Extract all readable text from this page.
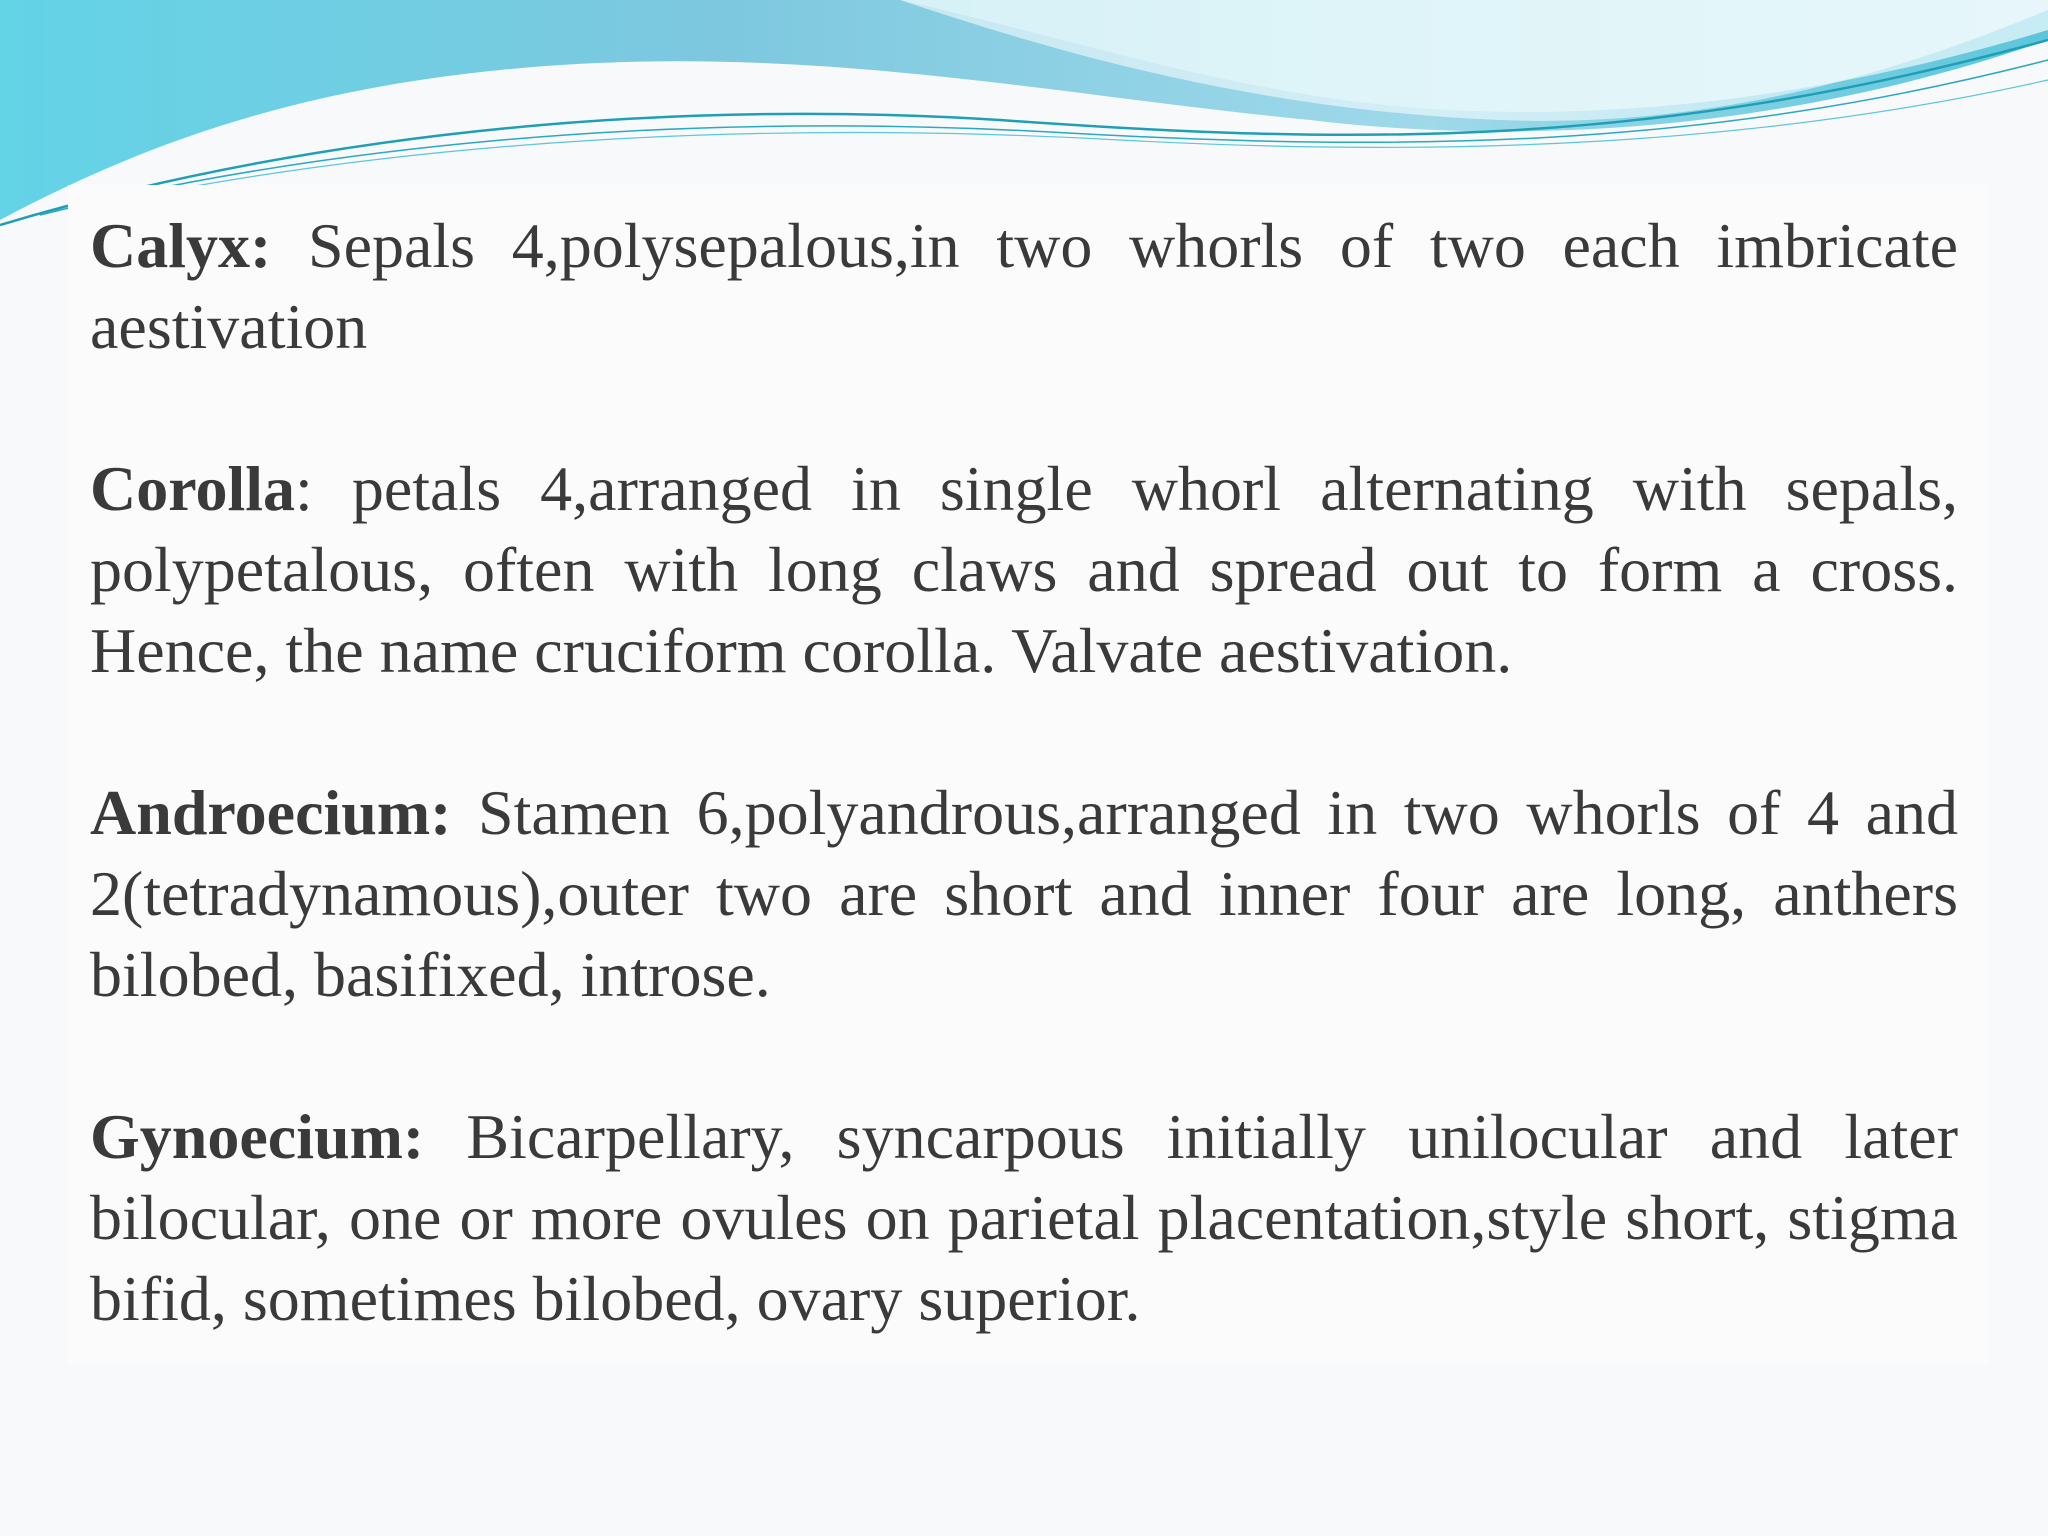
Calyx: Sepals 4,polysepalous,in two whorls of two each imbricate aestivation

Corolla: petals 4,arranged in single whorl alternating with sepals, polypetalous, often with long claws and spread out to form a cross. Hence, the name cruciform corolla. Valvate aestivation.

Androecium: Stamen 6,polyandrous,arranged in two whorls of 4 and 2(tetradynamous),outer two are short and inner four are long, anthers bilobed, basifixed, introse.

Gynoecium: Bicarpellary, syncarpous initially unilocular and later bilocular, one or more ovules on parietal placentation,style short, stigma bifid, sometimes bilobed, ovary superior.
